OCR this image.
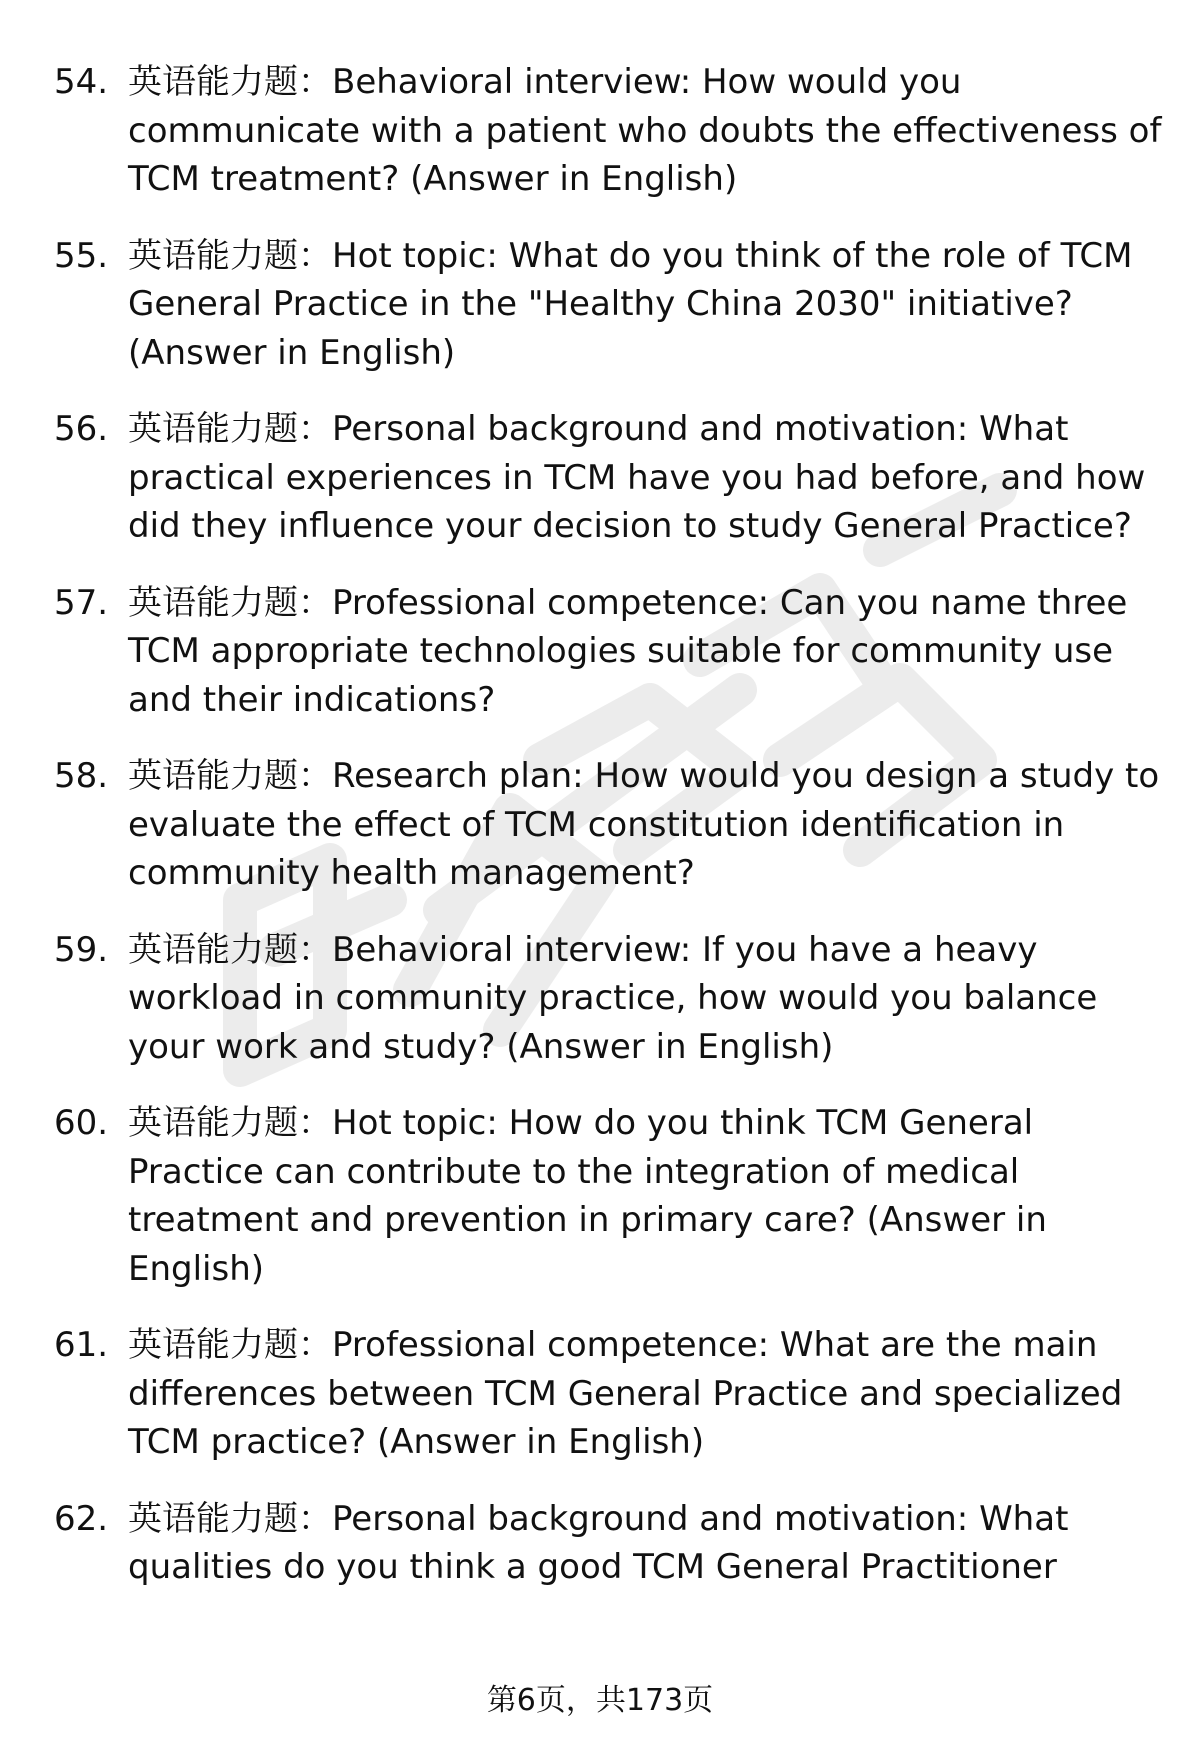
54. 英语能力题：Behavioral interview: How would you communicate with a patient who doubts the effectiveness of TCM treatment? (Answer in English)
55. 英语能力题：Hot topic: What do you think of the role of TCM General Practice in the "Healthy China 2030" initiative? (Answer in English)
56. 英语能力题：Personal background and motivation: What practical experiences in TCM have you had before, and how did they influence your decision to study General Practice?
57. 英语能力题：Professional competence: Can you name three TCM appropriate technologies suitable for community use and their indications?
58. 英语能力题：Research plan: How would you design a study to evaluate the effect of TCM constitution identification in community health management?
59. 英语能力题：Behavioral interview: If you have a heavy workload in community practice, how would you balance your work and study? (Answer in English)
60. 英语能力题：Hot topic: How do you think TCM General Practice can contribute to the integration of medical treatment and prevention in primary care? (Answer in English)
61. 英语能力题：Professional competence: What are the main differences between TCM General Practice and specialized TCM practice? (Answer in English)
62. 英语能力题：Personal background and motivation: What qualities do you think a good TCM General Practitioner
第6页，共173页
